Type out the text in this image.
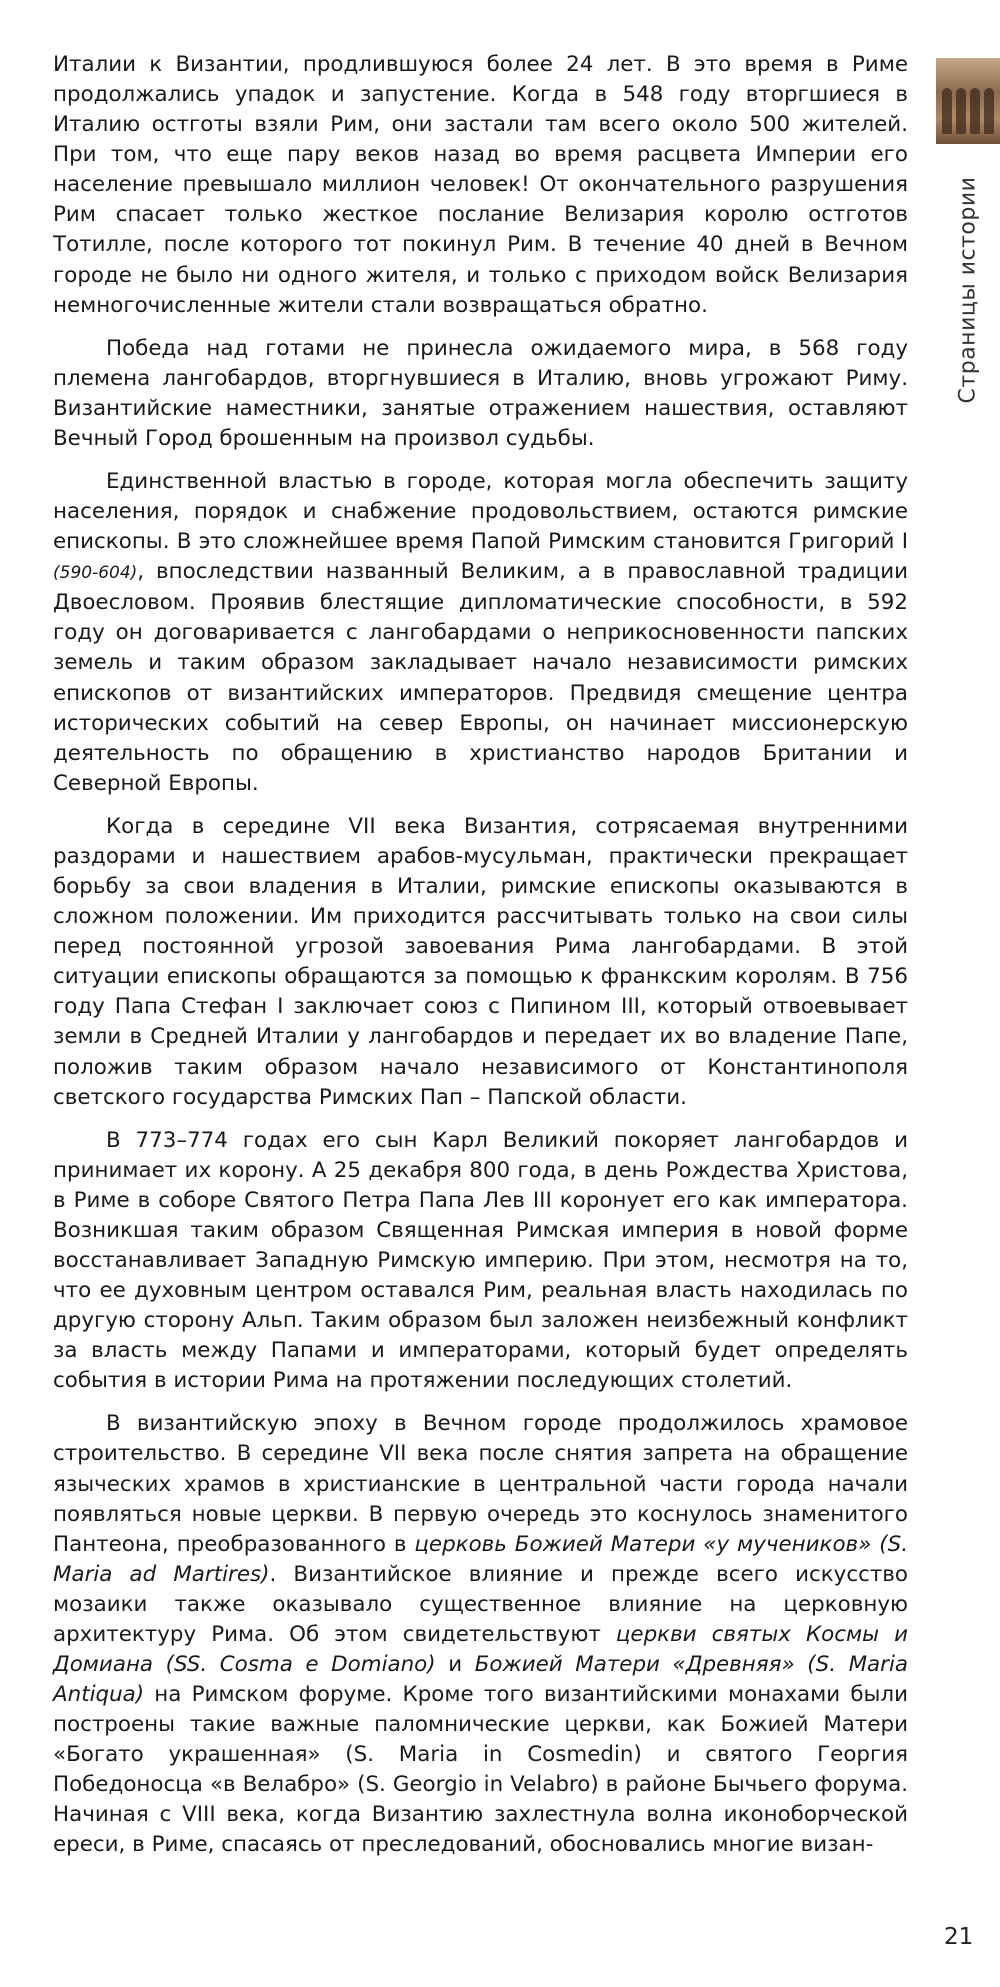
Страницы истории

Италии к Византии, продлившуюся более 24 лет. В это время в Риме продолжались упадок и запустение. Когда в 548 году вторгшиеся в Италию остготы взяли Рим, они застали там всего около 500 жителей. При том, что еще пару веков назад во время расцвета Империи его население превышало миллион человек! От окончательного разрушения Рим спасает только жесткое послание Велизария королю остготов Тотилле, после которого тот покинул Рим. В течение 40 дней в Вечном городе не было ни одного жителя, и только с приходом войск Велизария немногочисленные жители стали возвращаться обратно.

Победа над готами не принесла ожидаемого мира, в 568 году племена лангобардов, вторгнувшиеся в Италию, вновь угрожают Риму. Византийские наместники, занятые отражением нашествия, оставляют Вечный Город брошенным на произвол судьбы.

Единственной властью в городе, которая могла обеспечить защиту населения, порядок и снабжение продовольствием, остаются римские епископы. В это сложнейшее время Папой Римским становится Григорий I (590-604), впоследствии названный Великим, а в православной традиции Двоесловом. Проявив блестящие дипломатические способности, в 592 году он договаривается с лангобардами о неприкосновенности папских земель и таким образом закладывает начало независимости римских епископов от византийских императоров. Предвидя смещение центра исторических событий на север Европы, он начинает миссионерскую деятельность по обращению в христианство народов Британии и Северной Европы.

Когда в середине VII века Византия, сотрясаемая внутренними раздорами и нашествием арабов-мусульман, практически прекращает борьбу за свои владения в Италии, римские епископы оказываются в сложном положении. Им приходится рассчитывать только на свои силы перед постоянной угрозой завоевания Рима лангобардами. В этой ситуации епископы обращаются за помощью к франкским королям. В 756 году Папа Стефан I заключает союз с Пипином III, который отвоевывает земли в Средней Италии у лангобардов и передает их во владение Папе, положив таким образом начало независимого от Константинополя светского государства Римских Пап – Папской области.

В 773–774 годах его сын Карл Великий покоряет лангобардов и принимает их корону. А 25 декабря 800 года, в день Рождества Христова, в Риме в соборе Святого Петра Папа Лев III коронует его как императора. Возникшая таким образом Священная Римская империя в новой форме восстанавливает Западную Римскую империю. При этом, несмотря на то, что ее духовным центром оставался Рим, реальная власть находилась по другую сторону Альп. Таким образом был заложен неизбежный конфликт за власть между Папами и императорами, который будет определять события в истории Рима на протяжении последующих столетий.

В византийскую эпоху в Вечном городе продолжилось храмовое строительство. В середине VII века после снятия запрета на обращение языческих храмов в христианские в центральной части города начали появляться новые церкви. В первую очередь это коснулось знаменитого Пантеона, преобразованного в церковь Божией Матери «у мучеников» (S. Maria ad Martires). Византийское влияние и прежде всего искусство мозаики также оказывало существенное влияние на церковную архитектуру Рима. Об этом свидетельствуют церкви святых Космы и Домиана (SS. Cosma e Domiano) и Божией Матери «Древняя» (S. Maria Antiqua) на Римском форуме. Кроме того византийскими монахами были построены такие важные паломнические церкви, как Божией Матери «Богато украшенная» (S. Maria in Cosmedin) и святого Георгия Победоносца «в Велабро» (S. Georgio in Velabro) в районе Бычьего форума. Начиная с VIII века, когда Византию захлестнула волна иконоборческой ереси, в Риме, спасаясь от преследований, обосновались многие визан-

21
